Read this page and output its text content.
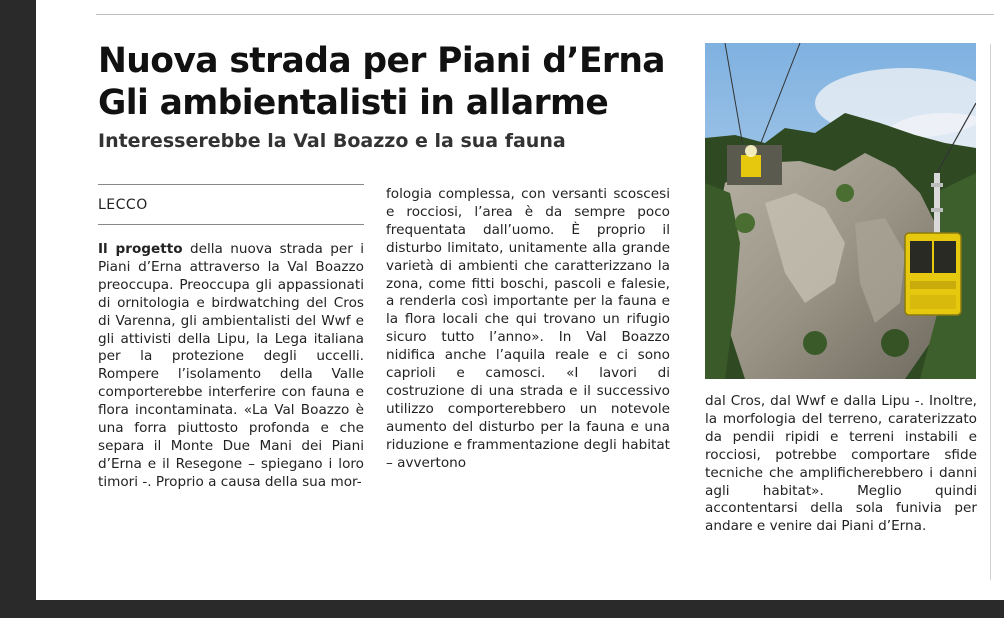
Nuova strada per Piani d’Erna
Gli ambientalisti in allarme
Interesserebbe la Val Boazzo e la sua fauna
LECCO

Il progetto della nuova strada per i Piani d’Erna attraverso la Val Boazzo preoccupa. Preoccupa gli appassionati di ornitologia e birdwatching del Cros di Varenna, gli ambientalisti del Wwf e gli attivisti della Lipu, la Lega italiana per la protezione degli uccelli. Rompere l’isolamento della Valle comporterebbe interferire con fauna e flora incontaminata. «La Val Boazzo è una forra piuttosto profonda e che separa il Monte Due Mani dei Piani d’Erna e il Resegone – spiegano i loro timori -. Proprio a causa della sua mor-

fologia complessa, con versanti scoscesi e rocciosi, l’area è da sempre poco frequentata dall’uomo. È proprio il disturbo limitato, unitamente alla grande varietà di ambienti che caratterizzano la zona, come fitti boschi, pascoli e falesie, a renderla così importante per la fauna e la flora locali che qui trovano un rifugio sicuro tutto l’anno». In Val Boazzo nidifica anche l’aquila reale e ci sono caprioli e camosci. «I lavori di costruzione di una strada e il successivo utilizzo comporterebbero un notevole aumento del disturbo per la fauna e una riduzione e frammentazione degli habitat – avvertono

dal Cros, dal Wwf e dalla Lipu -. Inoltre, la morfologia del terreno, caraterizzato da pendii ripidi e terreni instabili e rocciosi, potrebbe comportare sfide tecniche che amplificherebbero i danni agli habitat». Meglio quindi accontentarsi della sola funivia per andare e venire dai Piani d’Erna.
